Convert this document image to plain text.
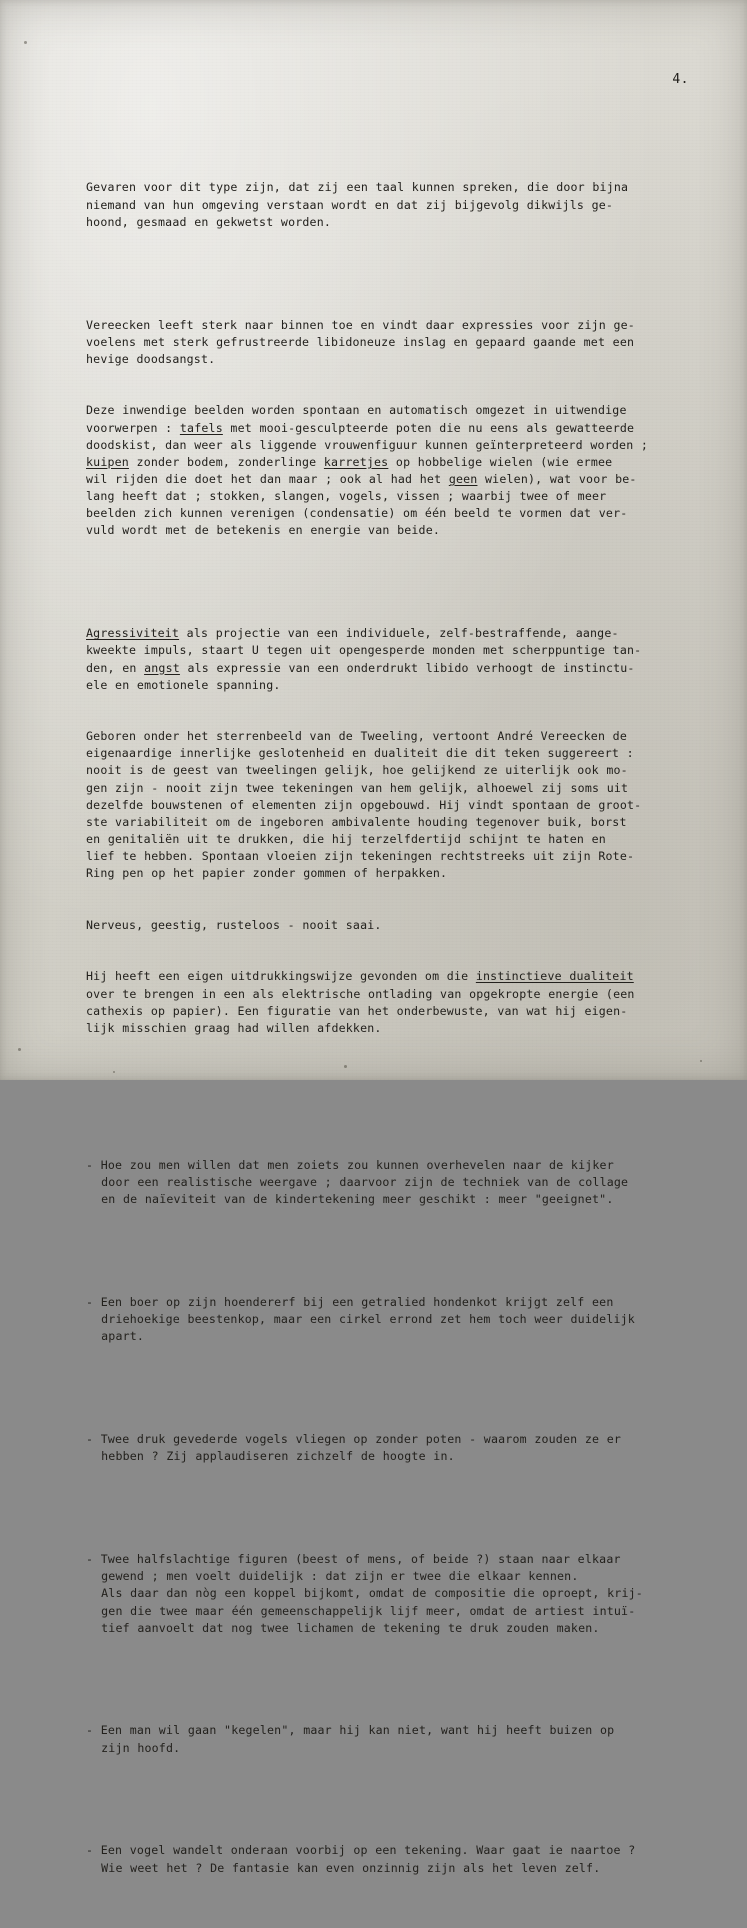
4.

Gevaren voor dit type zijn, dat zij een taal kunnen spreken, die door bijna
niemand van hun omgeving verstaan wordt en dat zij bijgevolg dikwijls ge-
hoond, gesmaad en gekwetst worden.

Vereecken leeft sterk naar binnen toe en vindt daar expressies voor zijn ge-
voelens met sterk gefrustreerde libidoneuze inslag en gepaard gaande met een
hevige doodsangst.

Deze inwendige beelden worden spontaan en automatisch omgezet in uitwendige
voorwerpen : tafels met mooi-gesculpteerde poten die nu eens als gewatteerde
doodskist, dan weer als liggende vrouwenfiguur kunnen geïnterpreteerd worden ;
kuipen zonder bodem, zonderlinge karretjes op hobbelige wielen (wie ermee
wil rijden die doet het dan maar ; ook al had het geen wielen), wat voor be-
lang heeft dat ; stokken, slangen, vogels, vissen ; waarbij twee of meer
beelden zich kunnen verenigen (condensatie) om één beeld te vormen dat ver-
vuld wordt met de betekenis en energie van beide.

Agressiviteit als projectie van een individuele, zelf-bestraffende, aange-
kweekte impuls, staart U tegen uit opengesperde monden met scherppuntige tan-
den, en angst als expressie van een onderdrukt libido verhoogt de instinctu-
ele en emotionele spanning.

Geboren onder het sterrenbeeld van de Tweeling, vertoont André Vereecken de
eigenaardige innerlijke geslotenheid en dualiteit die dit teken suggereert :
nooit is de geest van tweelingen gelijk, hoe gelijkend ze uiterlijk ook mo-
gen zijn - nooit zijn twee tekeningen van hem gelijk, alhoewel zij soms uit
dezelfde bouwstenen of elementen zijn opgebouwd. Hij vindt spontaan de groot-
ste variabiliteit om de ingeboren ambivalente houding tegenover buik, borst
en genitaliën uit te drukken, die hij terzelfdertijd schijnt te haten en
lief te hebben. Spontaan vloeien zijn tekeningen rechtstreeks uit zijn Rote-
Ring pen op het papier zonder gommen of herpakken.

Nerveus, geestig, rusteloos - nooit saai.

Hij heeft een eigen uitdrukkingswijze gevonden om die instinctieve dualiteit
over te brengen in een als elektrische ontlading van opgekropte energie (een
cathexis op papier). Een figuratie van het onderbewuste, van wat hij eigen-
lijk misschien graag had willen afdekken.

- Hoe zou men willen dat men zoiets zou kunnen overhevelen naar de kijker
door een realistische weergave ; daarvoor zijn de techniek van de collage
en de naïeviteit van de kindertekening meer geschikt : meer "geeignet".

- Een boer op zijn hoendererf bij een getralied hondenkot krijgt zelf een
driehoekige beestenkop, maar een cirkel errond zet hem toch weer duidelijk
apart.

- Twee druk gevederde vogels vliegen op zonder poten - waarom zouden ze er
hebben ? Zij applaudiseren zichzelf de hoogte in.

- Twee halfslachtige figuren (beest of mens, of beide ?) staan naar elkaar
gewend ; men voelt duidelijk : dat zijn er twee die elkaar kennen.
Als daar dan nòg een koppel bijkomt, omdat de compositie die oproept, krij-
gen die twee maar één gemeenschappelijk lijf meer, omdat de artiest intuï-
tief aanvoelt dat nog twee lichamen de tekening te druk zouden maken.

- Een man wil gaan "kegelen", maar hij kan niet, want hij heeft buizen op
zijn hoofd.

- Een vogel wandelt onderaan voorbij op een tekening. Waar gaat ie naartoe ?
Wie weet het ? De fantasie kan even onzinnig zijn als het leven zelf.
